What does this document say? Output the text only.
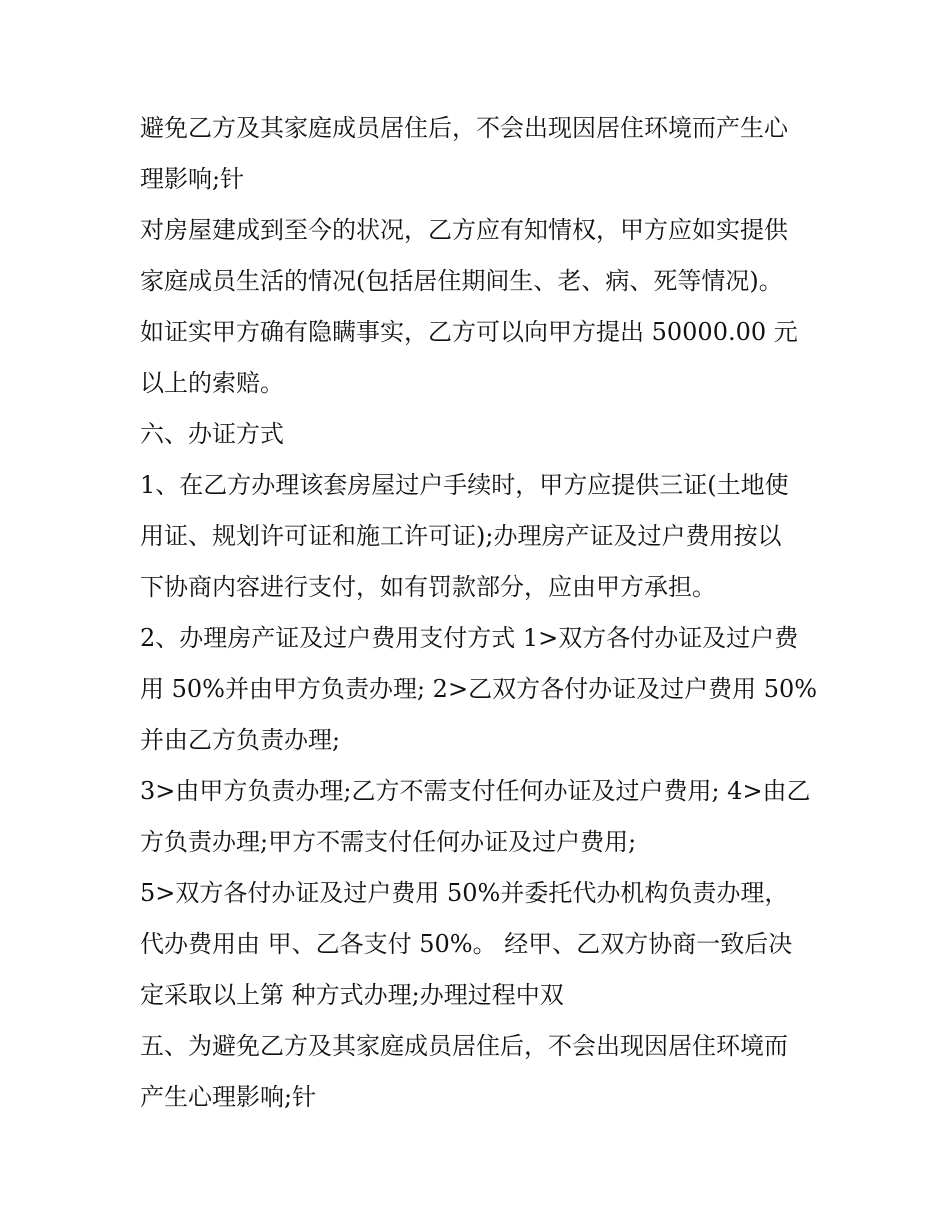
避免乙方及其家庭成员居住后，不会出现因居住环境而产生心
理影响;针
对房屋建成到至今的状况，乙方应有知情权，甲方应如实提供
家庭成员生活的情况(包括居住期间生、老、病、死等情况)。
如证实甲方确有隐瞒事实，乙方可以向甲方提出 50000.00 元
以上的索赔。
六、办证方式
1、在乙方办理该套房屋过户手续时，甲方应提供三证(土地使
用证、规划许可证和施工许可证);办理房产证及过户费用按以
下协商内容进行支付，如有罚款部分，应由甲方承担。
2、办理房产证及过户费用支付方式 1>双方各付办证及过户费
用 50%并由甲方负责办理; 2>乙双方各付办证及过户费用 50%
并由乙方负责办理;
3>由甲方负责办理;乙方不需支付任何办证及过户费用; 4>由乙
方负责办理;甲方不需支付任何办证及过户费用;
5>双方各付办证及过户费用 50%并委托代办机构负责办理，
代办费用由 甲、乙各支付 50%。 经甲、乙双方协商一致后决
定采取以上第 种方式办理;办理过程中双
五、为避免乙方及其家庭成员居住后，不会出现因居住环境而
产生心理影响;针
